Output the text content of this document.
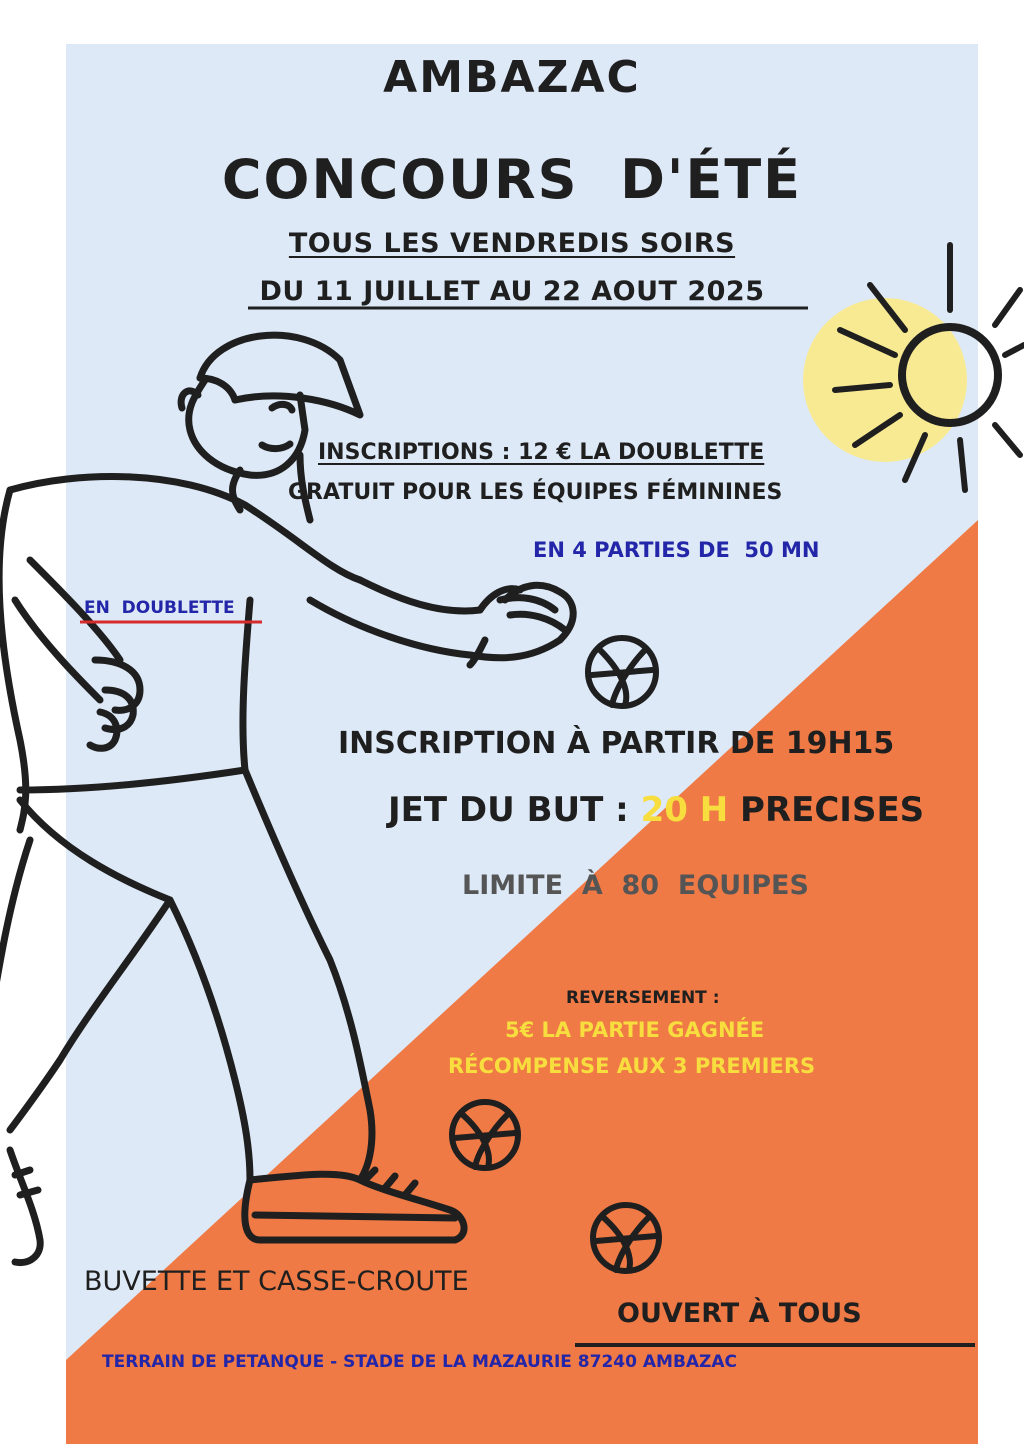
AMBAZAC
CONCOURS  D'ÉTÉ
TOUS LES VENDREDIS SOIRS
DU 11 JUILLET AU 22 AOUT 2025
INSCRIPTIONS : 12 € LA DOUBLETTE
GRATUIT POUR LES ÉQUIPES FÉMININES
EN 4 PARTIES DE  50 MN
EN  DOUBLETTE
INSCRIPTION À PARTIR DE 19H15
JET DU BUT : 20 H PRECISES
LIMITE  À  80  EQUIPES
REVERSEMENT :
5€ LA PARTIE GAGNÉE
RÉCOMPENSE AUX 3 PREMIERS
BUVETTE ET CASSE-CROUTE
OUVERT À TOUS
TERRAIN DE PETANQUE - STADE DE LA MAZAURIE 87240 AMBAZAC
